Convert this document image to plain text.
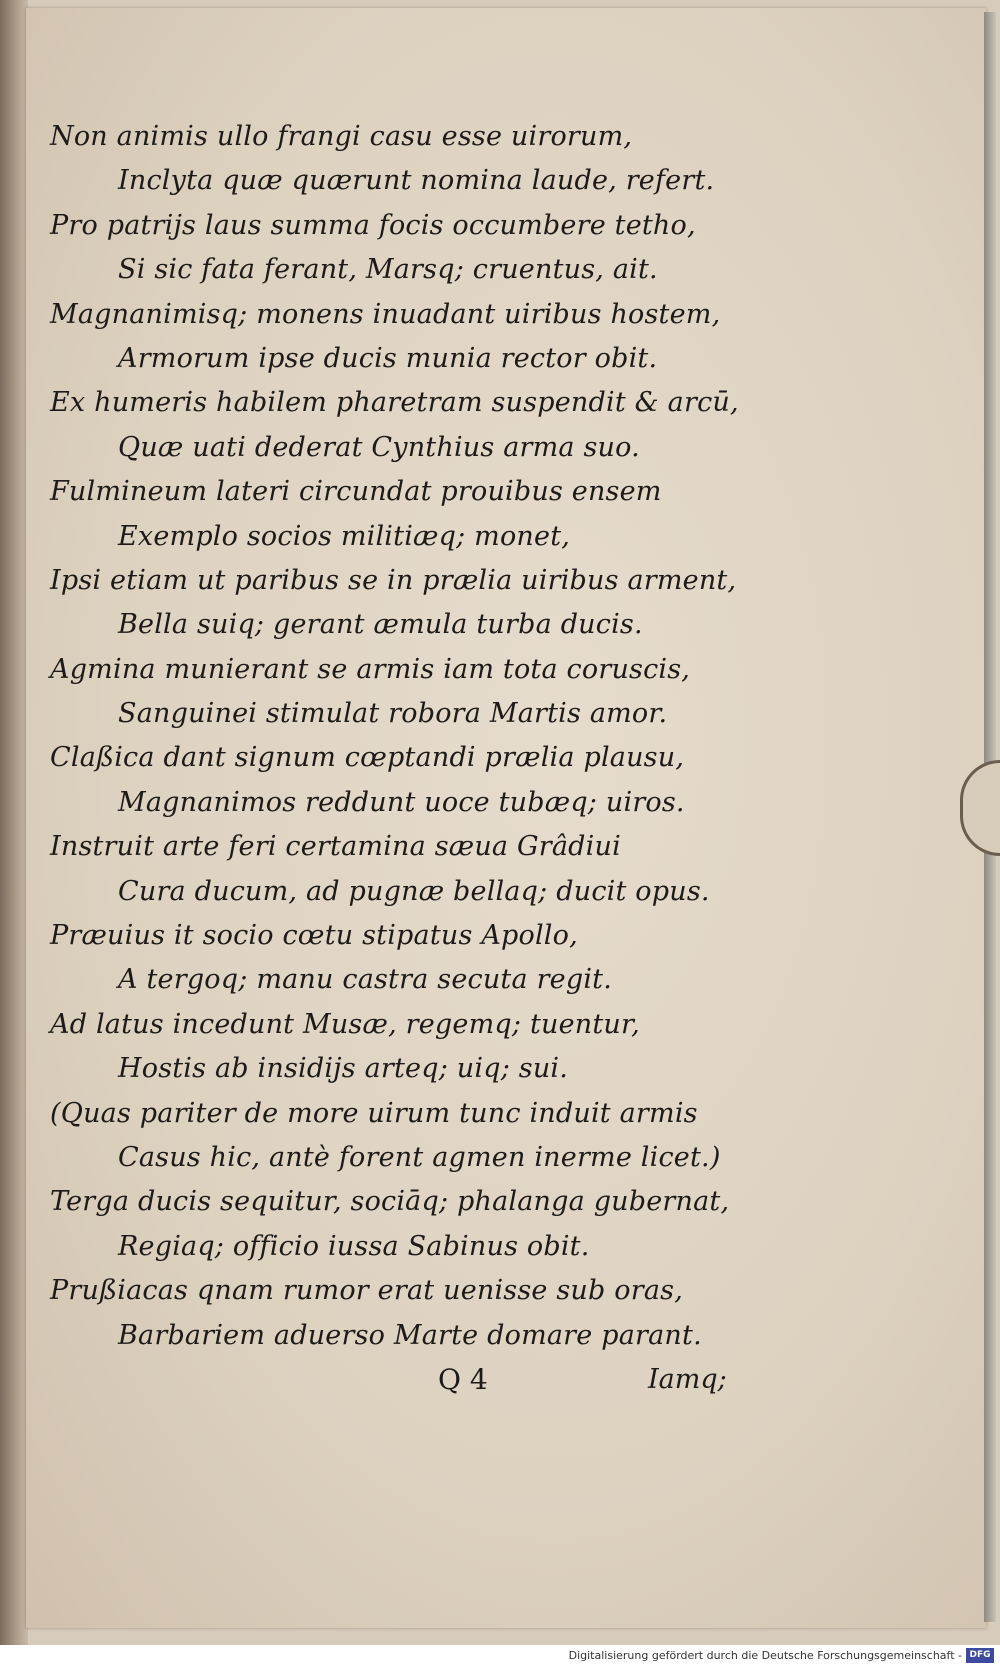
Non animis ullo frangi casu esse uirorum,
Inclyta quæ quærunt nomina laude, refert.
Pro patrijs laus summa focis occumbere tetho,
Si sic fata ferant, Marsq; cruentus, ait.
Magnanimisq; monens inuadant uiribus hostem,
Armorum ipse ducis munia rector obit.
Ex humeris habilem pharetram suspendit & arcū,
Quæ uati dederat Cynthius arma suo.
Fulmineum lateri circundat prouibus ensem
Exemplo socios militiæq; monet,
Ipsi etiam ut paribus se in prælia uiribus arment,
Bella suiq; gerant æmula turba ducis.
Agmina munierant se armis iam tota coruscis,
Sanguinei stimulat robora Martis amor.
Claßica dant signum cœptandi prælia plausu,
Magnanimos reddunt uoce tubæq; uiros.
Instruit arte feri certamina sæua Grâdiui
Cura ducum, ad pugnæ bellaq; ducit opus.
Præuius it socio cœtu stipatus Apollo,
A tergoq; manu castra secuta regit.
Ad latus incedunt Musæ, regemq; tuentur,
Hostis ab insidijs arteq; uiq; sui.
(Quas pariter de more uirum tunc induit armis
Casus hic, antè forent agmen inerme licet.)
Terga ducis sequitur, sociāq; phalanga gubernat,
Regiaq; officio iussa Sabinus obit.
Prußiacas qnam rumor erat uenisse sub oras,
Barbariem aduerso Marte domare parant.
Q 4	Iamq;
Digitalisierung gefördert durch die Deutsche Forschungsgemeinschaft - DFG
